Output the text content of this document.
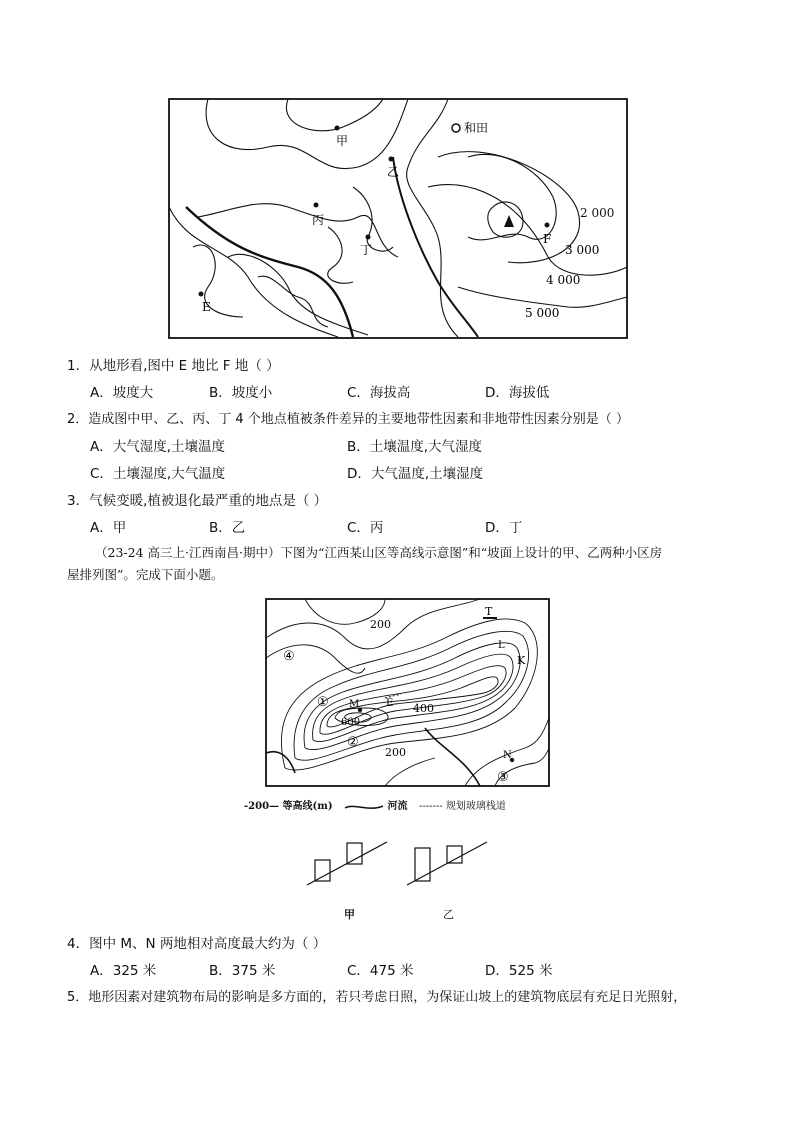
甲
乙
丙
丁
和田
E
F
2 000
3 000
4 000
5 000
1．从地形看,图中 E 地比 F 地（ ）
A．坡度大	B．坡度小	C．海拔高	D．海拔低
2．造成图中甲、乙、丙、丁 4 个地点植被条件差异的主要地带性因素和非地带性因素分别是（ ）
A．大气湿度,土壤温度	B．土壤温度,大气湿度
C．土壤湿度,大气温度	D．大气温度,土壤湿度
3．气候变暖,植被退化最严重的地点是（ ）
A．甲	B．乙	C．丙	D．丁
（23-24 高三上·江西南昌·期中）下图为“江西某山区等高线示意图”和“坡面上设计的甲、乙两种小区房
屋排列图”。完成下面小题。
T
L
K
M	E
N
200
200
400
600
①
②
③
④
-200— 等高线(m)	河流 ------- 规划玻璃栈道
甲	乙
4．图中 M、N 两地相对高度最大约为（ ）
A．325 米	B．375 米	C．475 米	D．525 米
5．地形因素对建筑物布局的影响是多方面的，若只考虑日照，为保证山坡上的建筑物底层有充足日光照射，
